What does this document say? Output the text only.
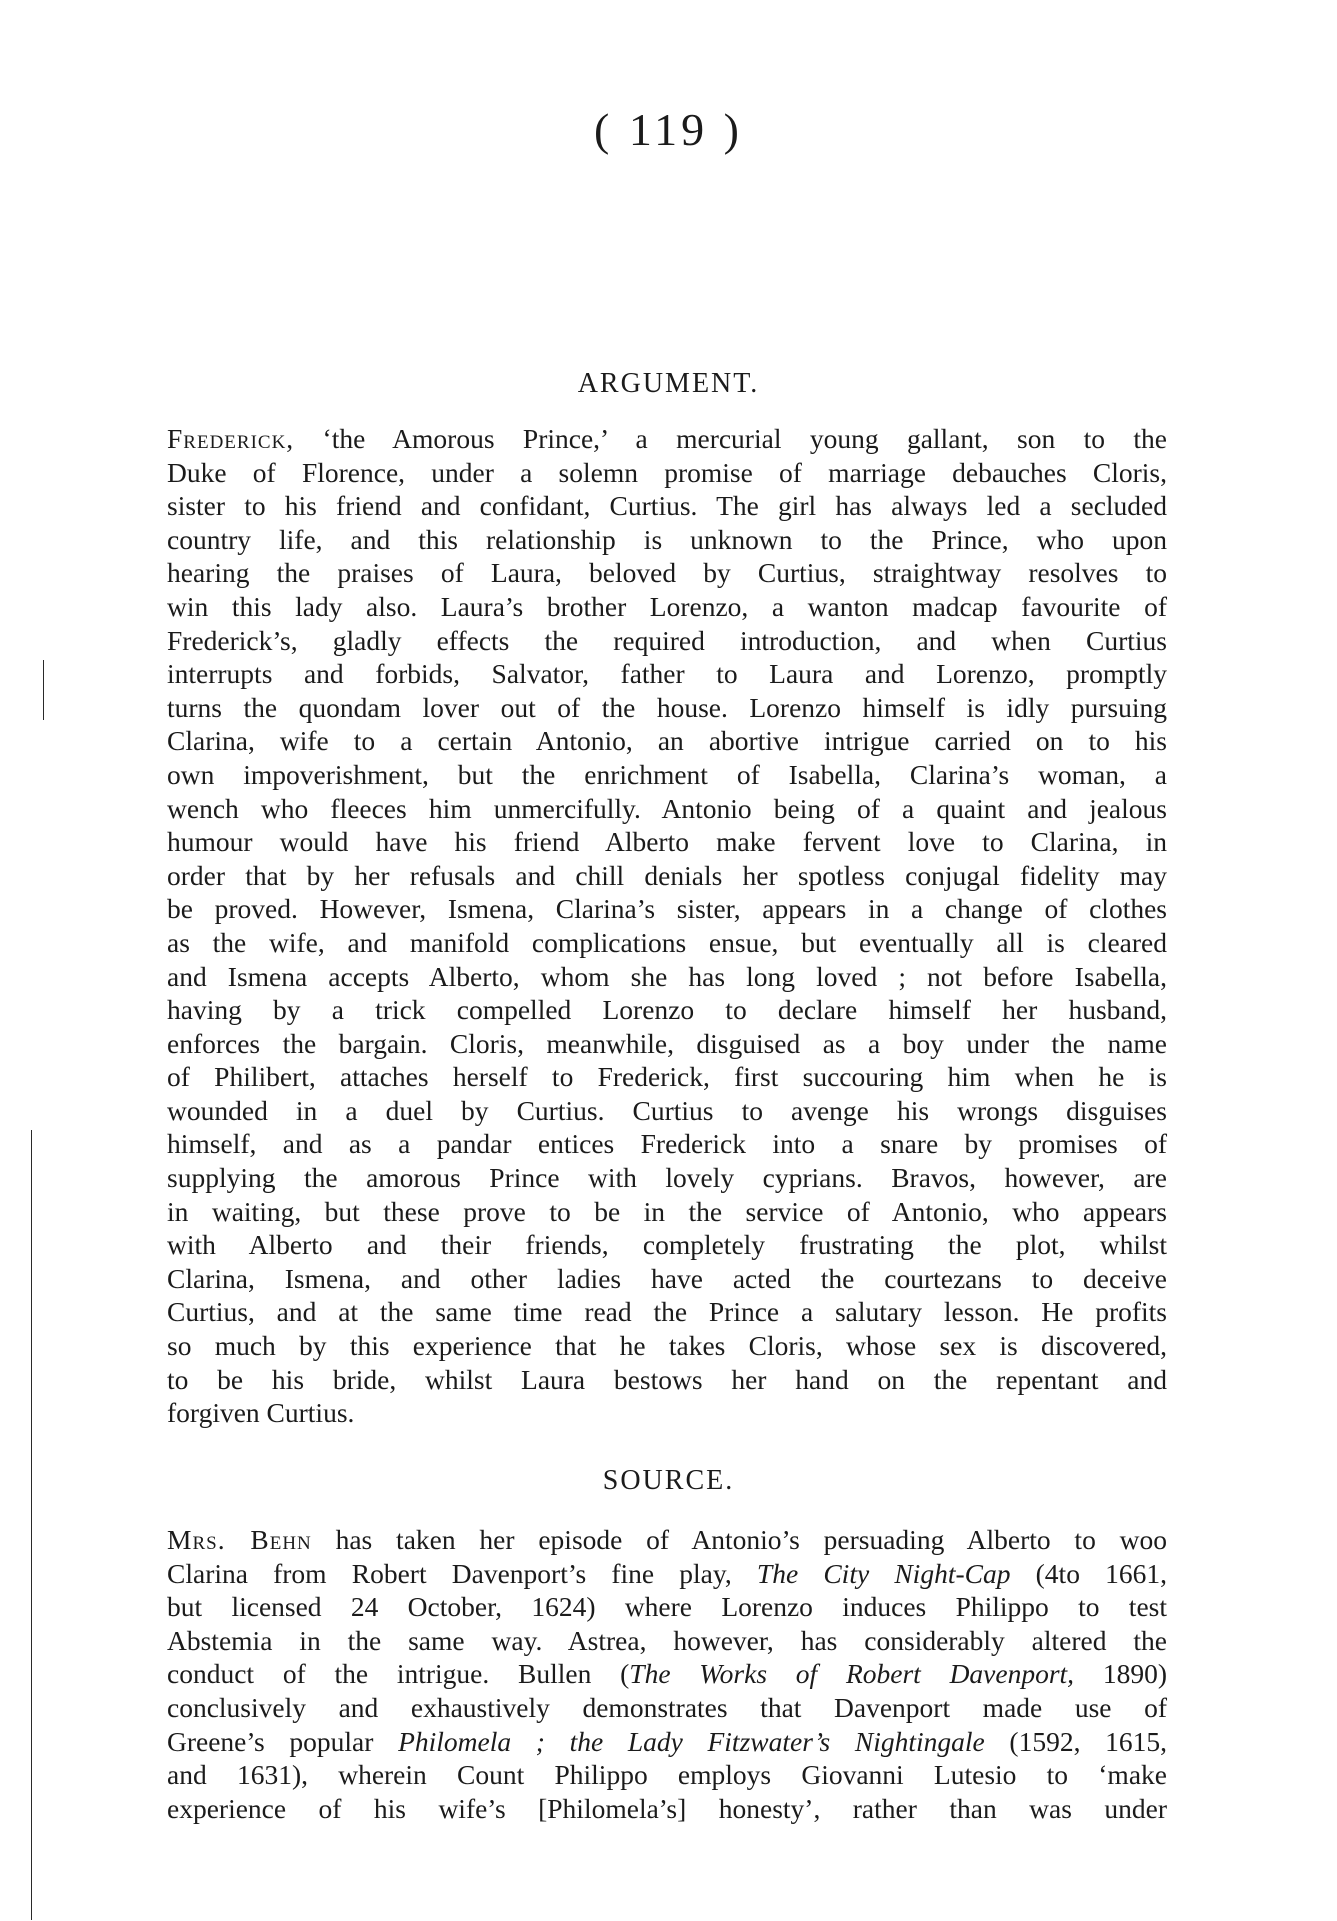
( 119 )
ARGUMENT.
Frederick, ‘the Amorous Prince,’ a mercurial young gallant, son to the
Duke of Florence, under a solemn promise of marriage debauches Cloris,
sister to his friend and confidant, Curtius. The girl has always led a secluded
country life, and this relationship is unknown to the Prince, who upon
hearing the praises of Laura, beloved by Curtius, straightway resolves to
win this lady also. Laura’s brother Lorenzo, a wanton madcap favourite of
Frederick’s, gladly effects the required introduction, and when Curtius
interrupts and forbids, Salvator, father to Laura and Lorenzo, promptly
turns the quondam lover out of the house. Lorenzo himself is idly pursuing
Clarina, wife to a certain Antonio, an abortive intrigue carried on to his
own impoverishment, but the enrichment of Isabella, Clarina’s woman, a
wench who fleeces him unmercifully. Antonio being of a quaint and jealous
humour would have his friend Alberto make fervent love to Clarina, in
order that by her refusals and chill denials her spotless conjugal fidelity may
be proved. However, Ismena, Clarina’s sister, appears in a change of clothes
as the wife, and manifold complications ensue, but eventually all is cleared
and Ismena accepts Alberto, whom she has long loved ; not before Isabella,
having by a trick compelled Lorenzo to declare himself her husband,
enforces the bargain. Cloris, meanwhile, disguised as a boy under the name
of Philibert, attaches herself to Frederick, first succouring him when he is
wounded in a duel by Curtius. Curtius to avenge his wrongs disguises
himself, and as a pandar entices Frederick into a snare by promises of
supplying the amorous Prince with lovely cyprians. Bravos, however, are
in waiting, but these prove to be in the service of Antonio, who appears
with Alberto and their friends, completely frustrating the plot, whilst
Clarina, Ismena, and other ladies have acted the courtezans to deceive
Curtius, and at the same time read the Prince a salutary lesson. He profits
so much by this experience that he takes Cloris, whose sex is discovered,
to be his bride, whilst Laura bestows her hand on the repentant and
forgiven Curtius.
SOURCE.
Mrs. Behn has taken her episode of Antonio’s persuading Alberto to woo
Clarina from Robert Davenport’s fine play, The City Night-Cap (4to 1661,
but licensed 24 October, 1624) where Lorenzo induces Philippo to test
Abstemia in the same way. Astrea, however, has considerably altered the
conduct of the intrigue. Bullen (The Works of Robert Davenport, 1890)
conclusively and exhaustively demonstrates that Davenport made use of
Greene’s popular Philomela ; the Lady Fitzwater’s Nightingale (1592, 1615,
and 1631), wherein Count Philippo employs Giovanni Lutesio to ‘make
experience of his wife’s [Philomela’s] honesty’, rather than was under
